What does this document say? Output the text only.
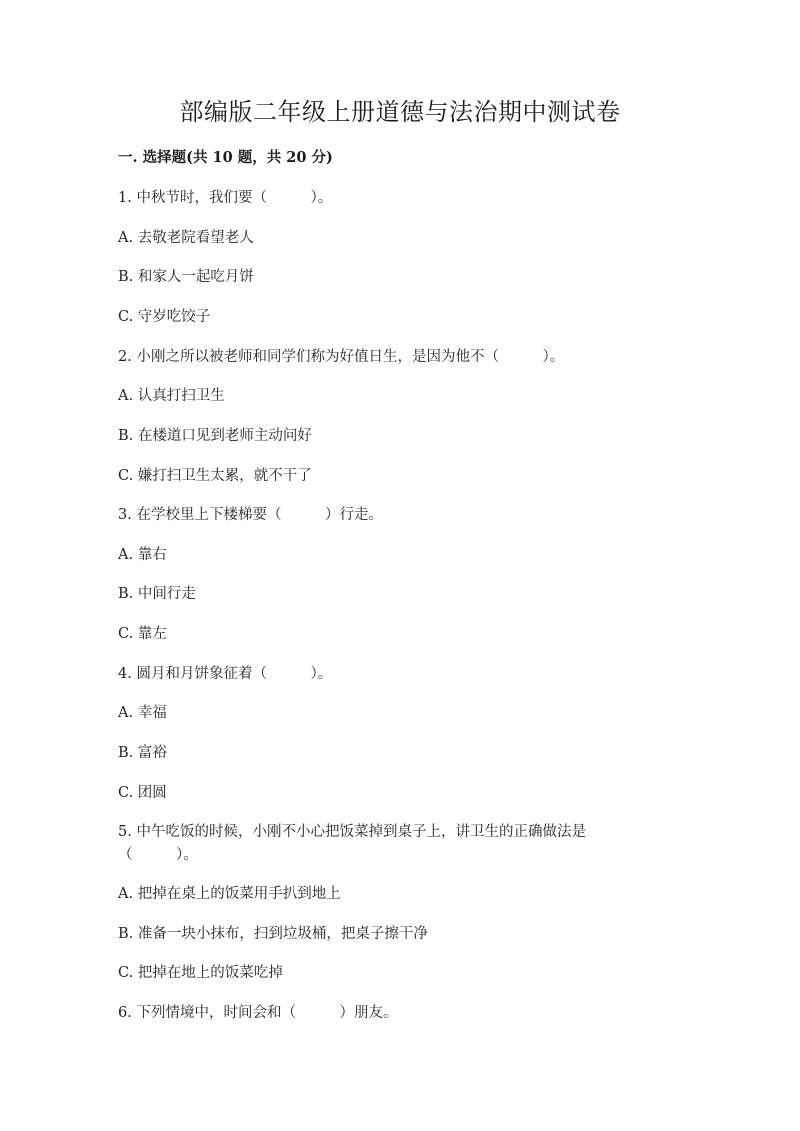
部编版二年级上册道德与法治期中测试卷
一. 选择题(共 10 题，共 20 分)
1. 中秋节时，我们要（　　　）。
A. 去敬老院看望老人
B. 和家人一起吃月饼
C. 守岁吃饺子
2. 小刚之所以被老师和同学们称为好值日生，是因为他不（　　　）。
A. 认真打扫卫生
B. 在楼道口见到老师主动问好
C. 嫌打扫卫生太累，就不干了
3. 在学校里上下楼梯要（　　　）行走。
A. 靠右
B. 中间行走
C. 靠左
4. 圆月和月饼象征着（　　　）。
A. 幸福
B. 富裕
C. 团圆
5. 中午吃饭的时候，小刚不小心把饭菜掉到桌子上，讲卫生的正确做法是
（　　　）。
A. 把掉在桌上的饭菜用手扒到地上
B. 准备一块小抹布，扫到垃圾桶，把桌子擦干净
C. 把掉在地上的饭菜吃掉
6. 下列情境中，时间会和（　　　）朋友。
